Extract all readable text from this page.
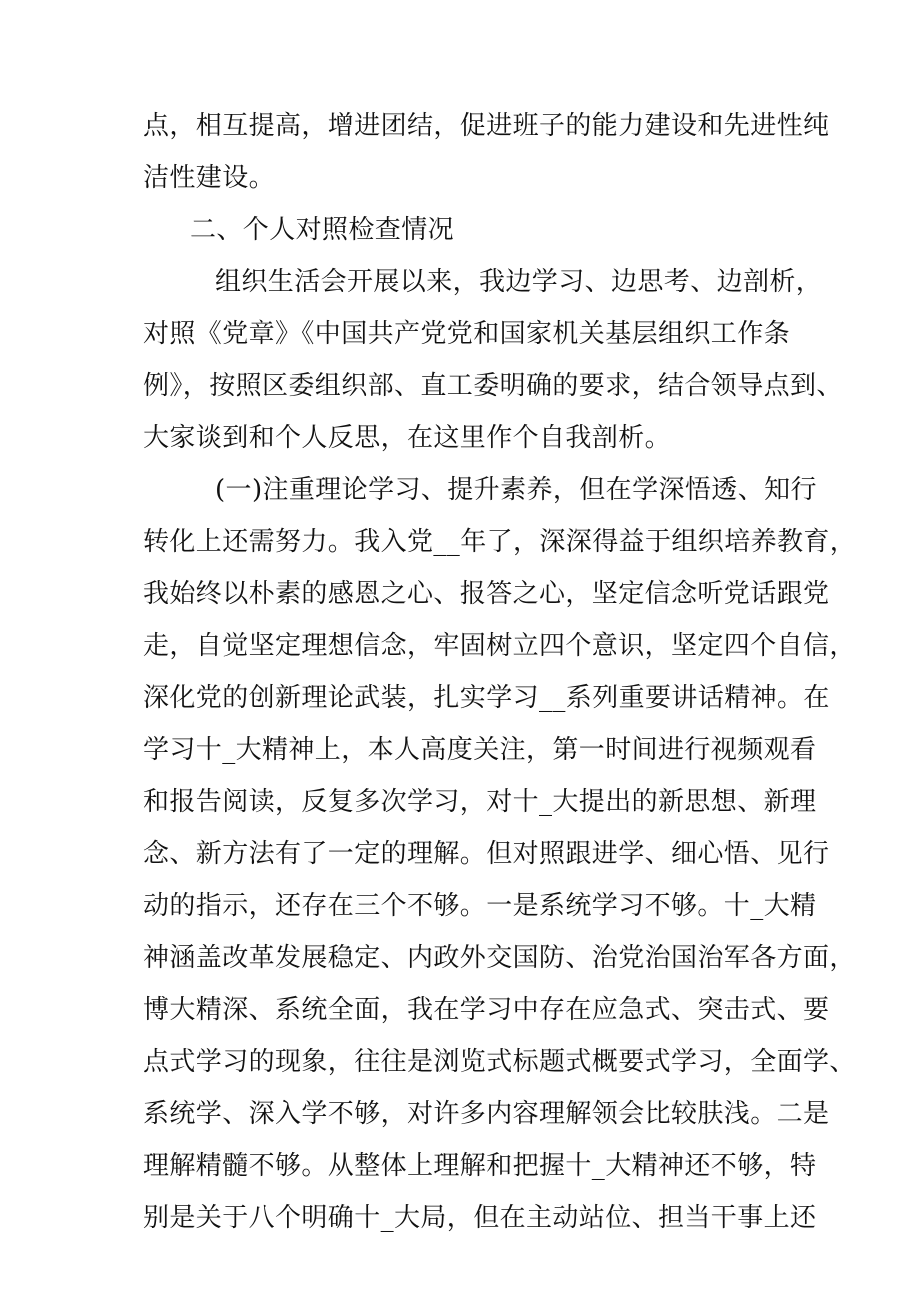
点，相互提高，增进团结，促进班子的能力建设和先进性纯
洁性建设。
二、个人对照检查情况
组织生活会开展以来，我边学习、边思考、边剖析，
对照《党章》《中国共产党党和国家机关基层组织工作条
例》，按照区委组织部、直工委明确的要求，结合领导点到、
大家谈到和个人反思，在这里作个自我剖析。
(一)注重理论学习、提升素养，但在学深悟透、知行
转化上还需努力。我入党__年了，深深得益于组织培养教育，
我始终以朴素的感恩之心、报答之心，坚定信念听党话跟党
走，自觉坚定理想信念，牢固树立四个意识，坚定四个自信，
深化党的创新理论武装，扎实学习__系列重要讲话精神。在
学习十_大精神上，本人高度关注，第一时间进行视频观看
和报告阅读，反复多次学习，对十_大提出的新思想、新理
念、新方法有了一定的理解。但对照跟进学、细心悟、见行
动的指示，还存在三个不够。一是系统学习不够。十_大精
神涵盖改革发展稳定、内政外交国防、治党治国治军各方面，
博大精深、系统全面，我在学习中存在应急式、突击式、要
点式学习的现象，往往是浏览式标题式概要式学习，全面学、
系统学、深入学不够，对许多内容理解领会比较肤浅。二是
理解精髓不够。从整体上理解和把握十_大精神还不够，特
别是关于八个明确十_大局，但在主动站位、担当干事上还
